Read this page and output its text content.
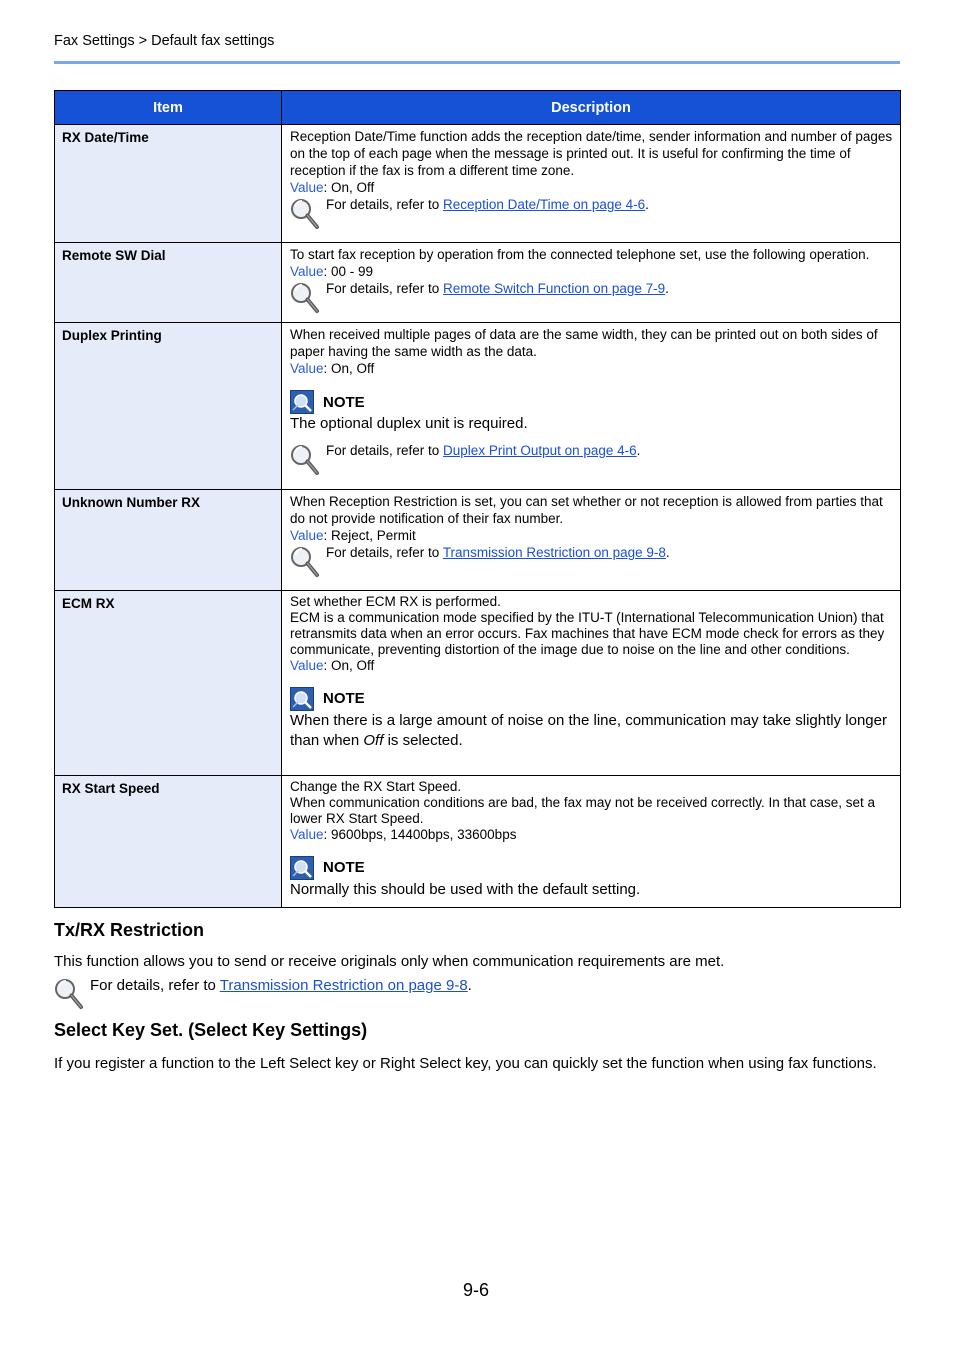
Fax Settings > Default fax settings
Item	Description
RX Date/Time	Reception Date/Time function adds the reception date/time, sender information and number of pages on the top of each page when the message is printed out. It is useful for confirming the time of reception if the fax is from a different time zone.
Value: On, Off
For details, refer to Reception Date/Time on page 4-6.

Remote SW Dial	To start fax reception by operation from the connected telephone set, use the following operation.
Value: 00 - 99
For details, refer to Remote Switch Function on page 7-9.

Duplex Printing	When received multiple pages of data are the same width, they can be printed out on both sides of paper having the same width as the data.
Value: On, Off
NOTE
The optional duplex unit is required.
For details, refer to Duplex Print Output on page 4-6.

Unknown Number RX	When Reception Restriction is set, you can set whether or not reception is allowed from parties that do not provide notification of their fax number.
Value: Reject, Permit
For details, refer to Transmission Restriction on page 9-8.

ECM RX	Set whether ECM RX is performed.
ECM is a communication mode specified by the ITU-T (International Telecommunication Union) that retransmits data when an error occurs. Fax machines that have ECM mode check for errors as they communicate, preventing distortion of the image due to noise on the line and other conditions.
Value: On, Off
NOTE
When there is a large amount of noise on the line, communication may take slightly longer than when Off is selected.

RX Start Speed	Change the RX Start Speed.
When communication conditions are bad, the fax may not be received correctly. In that case, set a lower RX Start Speed.
Value: 9600bps, 14400bps, 33600bps
NOTE
Normally this should be used with the default setting.
Tx/RX Restriction

This function allows you to send or receive originals only when communication requirements are met.

For details, refer to Transmission Restriction on page 9-8.
Select Key Set. (Select Key Settings)

If you register a function to the Left Select key or Right Select key, you can quickly set the function when using fax functions.

9-6
